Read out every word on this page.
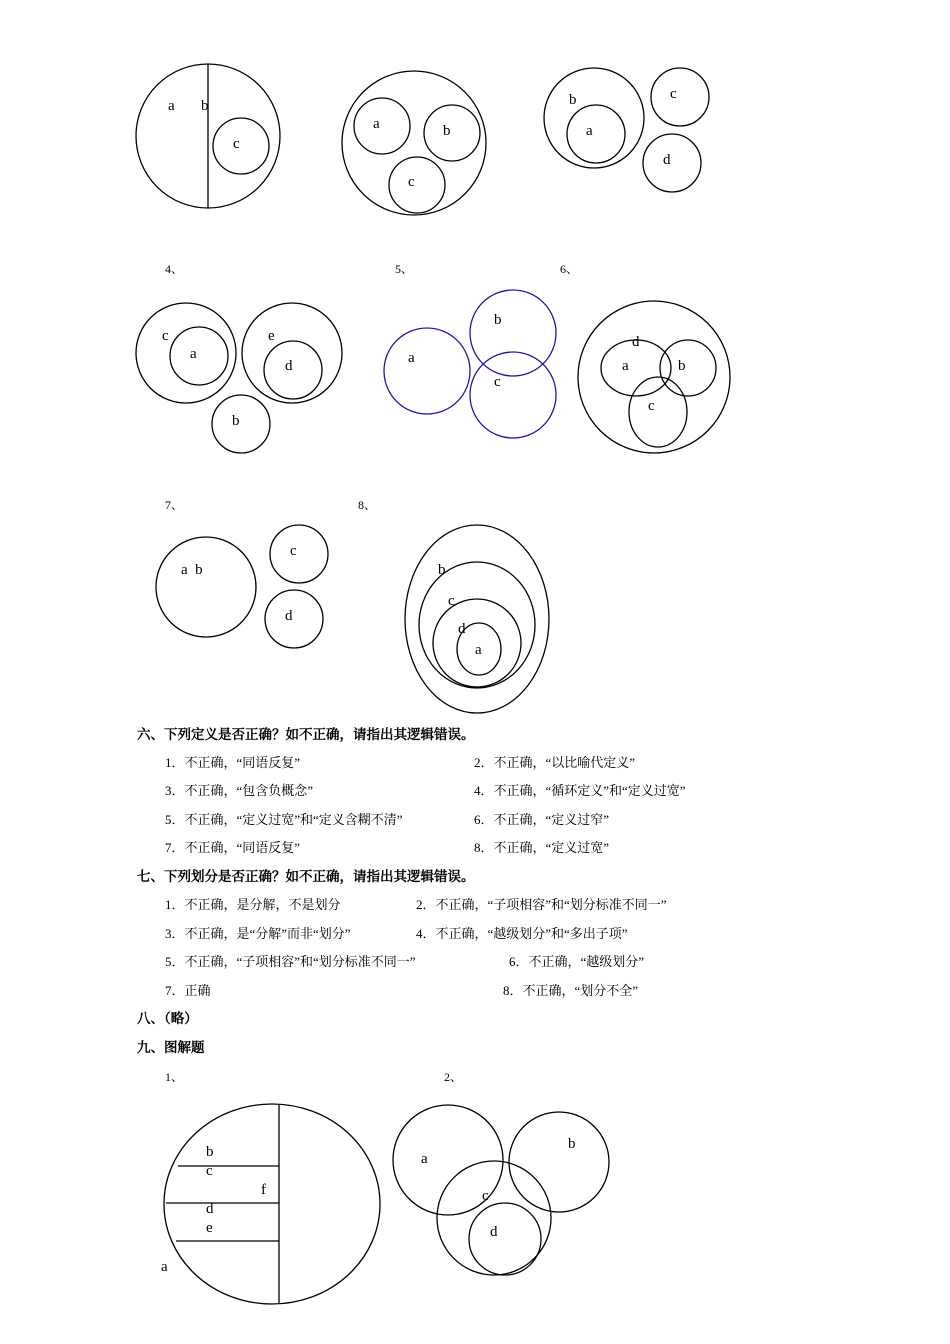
a b
c
a	b
c
b
a
c
d
c
a
e
d
b
a
b
c
d
a	b
c
a  b
c
d
b
c
d
a
b
c
f
d
e
a
a
b
c
d
4、	5、	6、
7、	8、
六、下列定义是否正确？如不正确，请指出其逻辑错误。
1．不正确，“同语反复”	2．不正确，“以比喻代定义”
3．不正确，“包含负概念”	4．不正确，“循环定义”和“定义过宽”
5．不正确，“定义过宽”和“定义含糊不清”	6．不正确，“定义过窄”
7．不正确，“同语反复”	8．不正确，“定义过宽”
七、下列划分是否正确？如不正确，请指出其逻辑错误。
1．不正确，是分解，不是划分	2．不正确，“子项相容”和“划分标准不同一”
3．不正确，是“分解”而非“划分”	4．不正确，“越级划分”和“多出子项”
5．不正确，“子项相容”和“划分标准不同一”	6．不正确，“越级划分”
7．正确	8．不正确，“划分不全”
八、（略）
九、图解题
1、	2、
